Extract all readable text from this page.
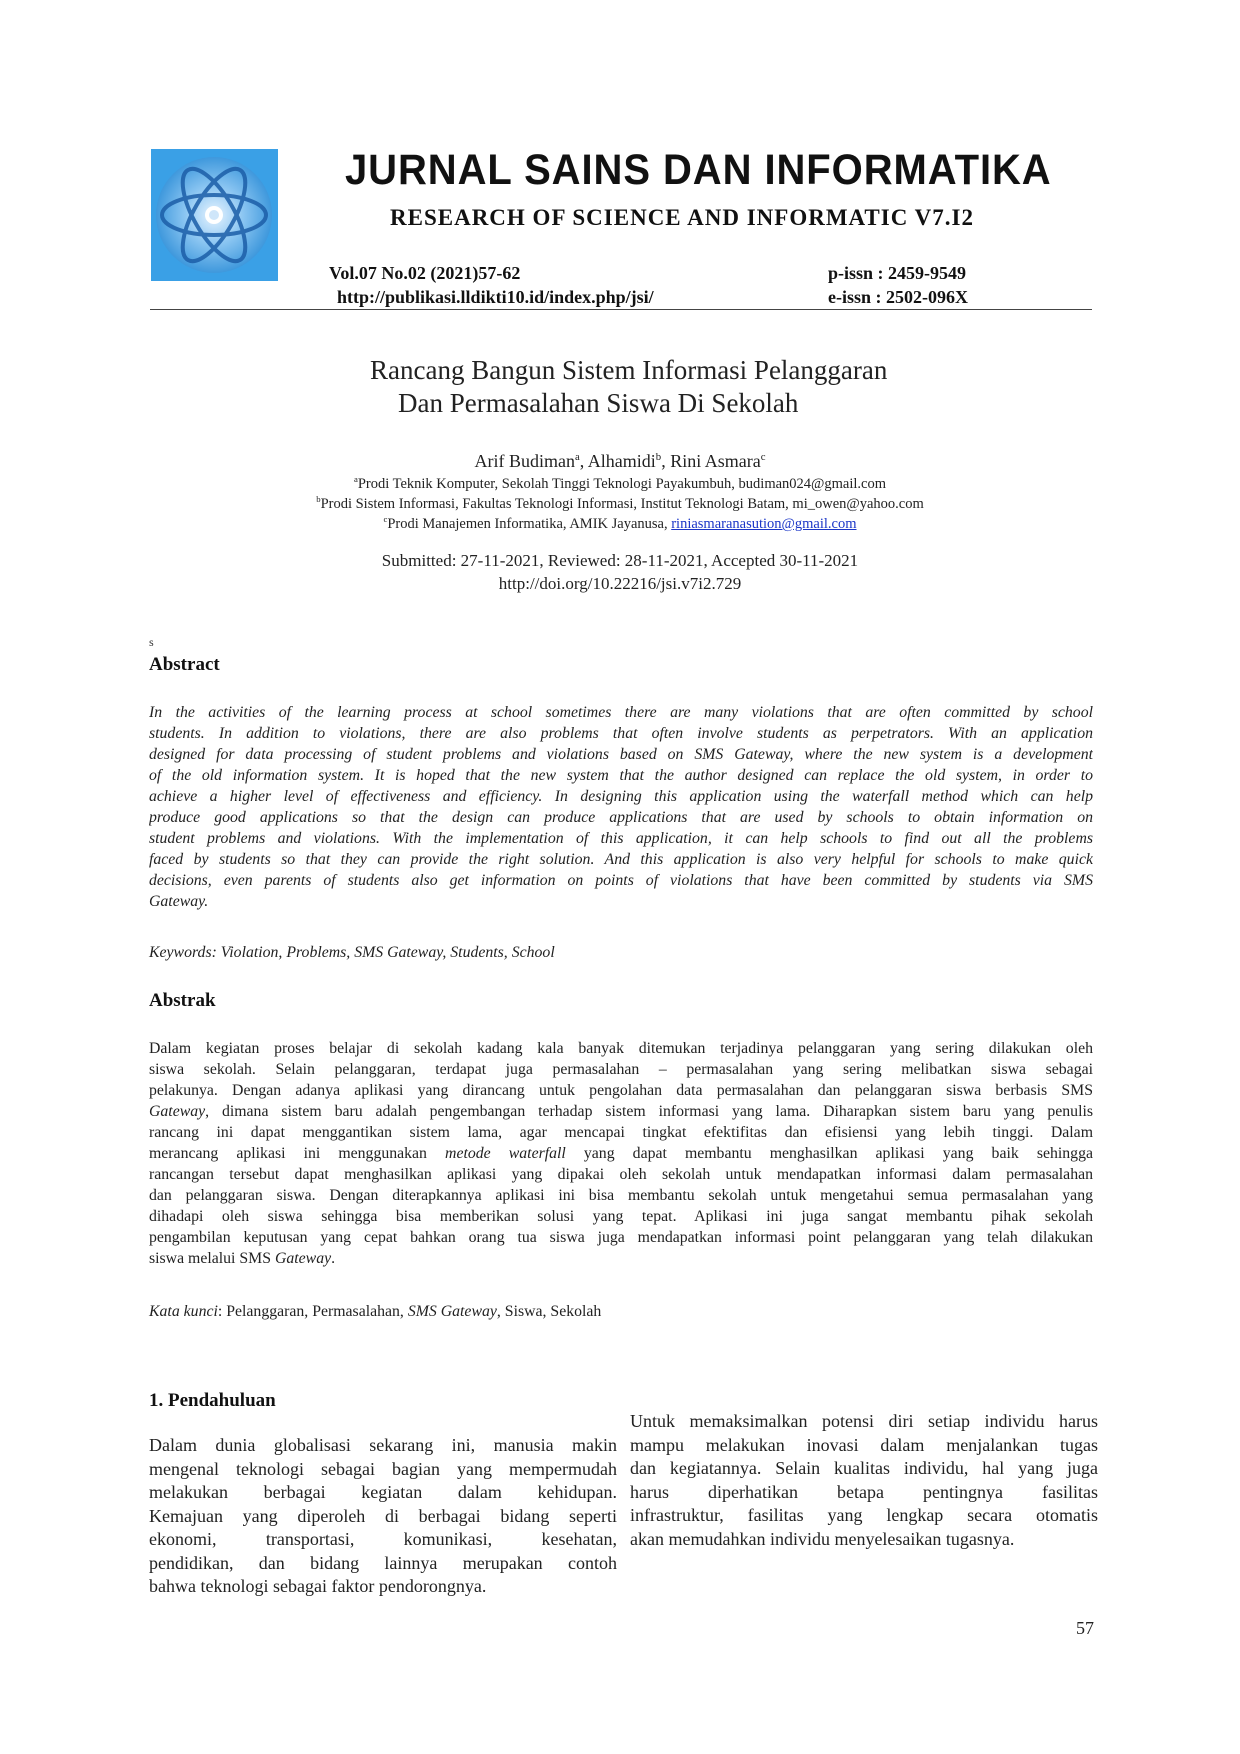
JURNAL SAINS DAN INFORMATIKA
RESEARCH OF SCIENCE AND INFORMATIC V7.I2
Vol.07 No.02 (2021)57-62
http://publikasi.lldikti10.id/index.php/jsi/
p-issn : 2459-9549
e-issn : 2502-096X
Rancang Bangun Sistem Informasi Pelanggaran
Dan Permasalahan Siswa Di Sekolah
Arif Budiman$^a$, Alhamidi$^b$, Rini Asmara$^c$
$^a$Prodi Teknik Komputer, Sekolah Tinggi Teknologi Payakumbuh, budiman024@gmail.com
$^b$Prodi Sistem Informasi, Fakultas Teknologi Informasi, Institut Teknologi Batam, mi_owen@yahoo.com
$^c$Prodi Manajemen Informatika, AMIK Jayanusa, riniasmaranasution@gmail.com
Submitted: 27-11-2021, Reviewed: 28-11-2021, Accepted 30-11-2021
http://doi.org/10.22216/jsi.v7i2.729
s
Abstract
In the activities of the learning process at school sometimes there are many violations that are often committed by school
students. In addition to violations, there are also problems that often involve students as perpetrators. With an application
designed for data processing of student problems and violations based on SMS Gateway, where the new system is a development
of the old information system. It is hoped that the new system that the author designed can replace the old system, in order to
achieve a higher level of effectiveness and efficiency. In designing this application using the waterfall method which can help
produce good applications so that the design can produce applications that are used by schools to obtain information on
student problems and violations. With the implementation of this application, it can help schools to find out all the problems
faced by students so that they can provide the right solution. And this application is also very helpful for schools to make quick
decisions, even parents of students also get information on points of violations that have been committed by students via SMS
Gateway.
Keywords: Violation, Problems, SMS Gateway, Students, School
Abstrak
Dalam kegiatan proses belajar di sekolah kadang kala banyak ditemukan terjadinya pelanggaran yang sering dilakukan oleh
siswa sekolah. Selain pelanggaran, terdapat juga permasalahan – permasalahan yang sering melibatkan siswa sebagai
pelakunya. Dengan adanya aplikasi yang dirancang untuk pengolahan data permasalahan dan pelanggaran siswa berbasis SMS
Gateway, dimana sistem baru adalah pengembangan terhadap sistem informasi yang lama. Diharapkan sistem baru yang penulis
rancang ini dapat menggantikan sistem lama, agar mencapai tingkat efektifitas dan efisiensi yang lebih tinggi. Dalam
merancang aplikasi ini menggunakan metode waterfall yang dapat membantu menghasilkan aplikasi yang baik sehingga
rancangan tersebut dapat menghasilkan aplikasi yang dipakai oleh sekolah untuk mendapatkan informasi dalam permasalahan
dan pelanggaran siswa. Dengan diterapkannya aplikasi ini bisa membantu sekolah untuk mengetahui semua permasalahan yang
dihadapi oleh siswa sehingga bisa memberikan solusi yang tepat. Aplikasi ini juga sangat membantu pihak sekolah
pengambilan keputusan yang cepat bahkan orang tua siswa juga mendapatkan informasi point pelanggaran yang telah dilakukan
siswa melalui SMS Gateway.
Kata kunci: Pelanggaran, Permasalahan, SMS Gateway, Siswa, Sekolah
1. Pendahuluan
Dalam dunia globalisasi sekarang ini, manusia makin
mengenal teknologi sebagai bagian yang mempermudah
melakukan berbagai kegiatan dalam kehidupan.
Kemajuan yang diperoleh di berbagai bidang seperti
ekonomi, transportasi, komunikasi, kesehatan,
pendidikan, dan bidang lainnya merupakan contoh
bahwa teknologi sebagai faktor pendorongnya.
Untuk memaksimalkan potensi diri setiap individu harus
mampu melakukan inovasi dalam menjalankan tugas
dan kegiatannya. Selain kualitas individu, hal yang juga
harus diperhatikan betapa pentingnya fasilitas
infrastruktur, fasilitas yang lengkap secara otomatis
akan memudahkan individu menyelesaikan tugasnya.
57
